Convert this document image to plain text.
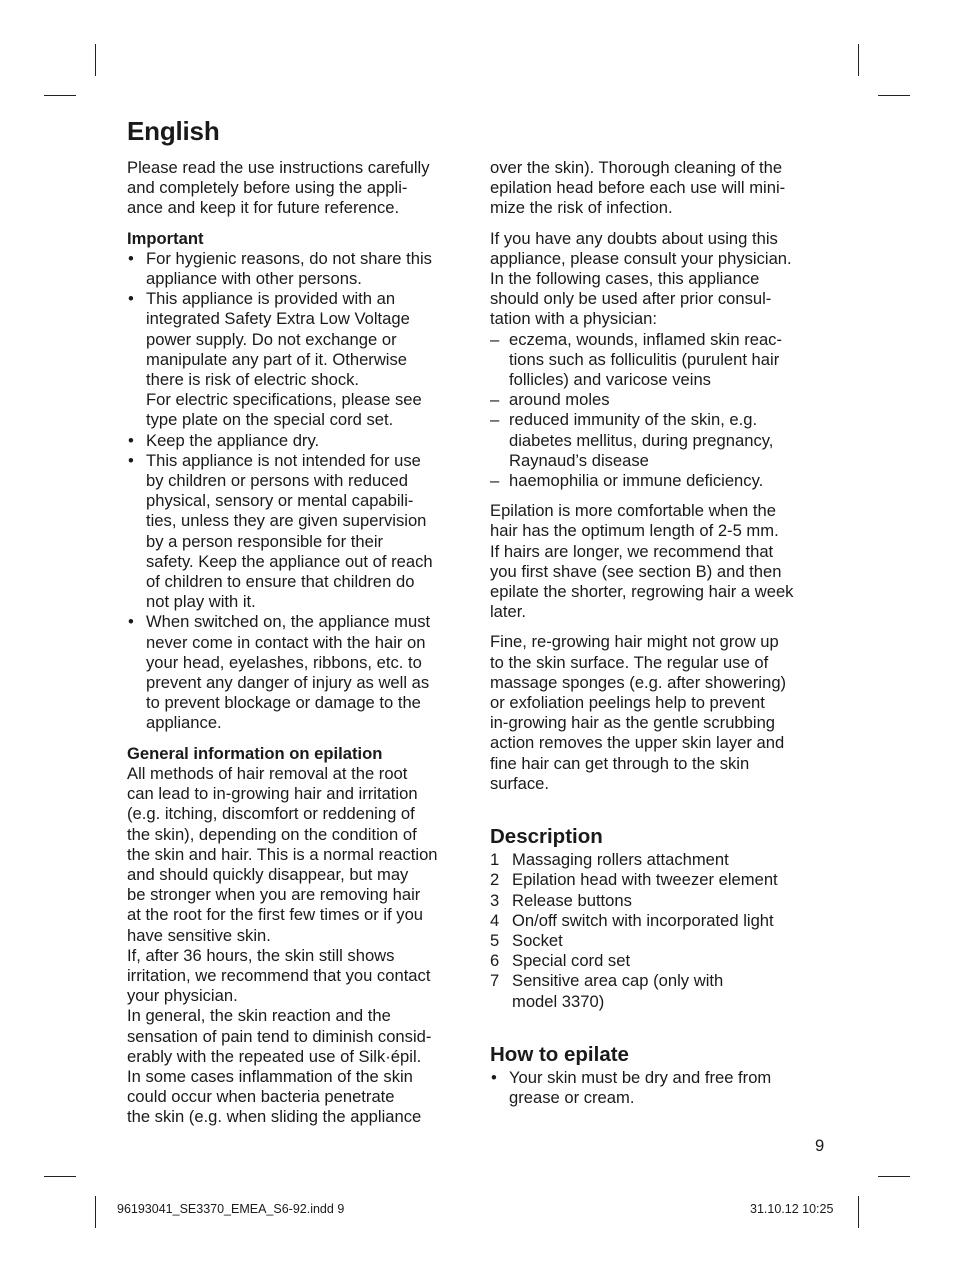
English

Please read the use instructions carefully
and completely before using the appli-
ance and keep it for future reference.

Important

• For hygienic reasons, do not share this
appliance with other persons.
• This appliance is provided with an
integrated Safety Extra Low Voltage
power supply. Do not exchange or
manipulate any part of it. Otherwise
there is risk of electric shock.
For electric specifications, please see
type plate on the special cord set.
• Keep the appliance dry.
• This appliance is not intended for use
by children or persons with reduced
physical, sensory or mental capabili-
ties, unless they are given supervision
by a person responsible for their
safety. Keep the appliance out of reach
of children to ensure that children do
not play with it.
• When switched on, the appliance must
never come in contact with the hair on
your head, eyelashes, ribbons, etc. to
prevent any danger of injury as well as
to prevent blockage or damage to the
appliance.

General information on epilation

All methods of hair removal at the root
can lead to in-growing hair and irritation
(e.g. itching, discomfort or reddening of
the skin), depending on the condition of
the skin and hair. This is a normal reaction
and should quickly disappear, but may
be stronger when you are removing hair
at the root for the first few times or if you
have sensitive skin.
If, after 36 hours, the skin still shows
irritation, we recommend that you contact
your physician.
In general, the skin reaction and the
sensation of pain tend to diminish consid-
erably with the repeated use of Silk·épil.
In some cases inflammation of the skin
could occur when bacteria penetrate
the skin (e.g. when sliding the appliance

over the skin). Thorough cleaning of the
epilation head before each use will mini-
mize the risk of infection.

If you have any doubts about using this
appliance, please consult your physician.
In the following cases, this appliance
should only be used after prior consul-
tation with a physician:

– eczema, wounds, inflamed skin reac-
tions such as folliculitis (purulent hair
follicles) and varicose veins
– around moles
– reduced immunity of the skin, e.g.
diabetes mellitus, during pregnancy,
Raynaud’s disease
– haemophilia or immune deficiency.

Epilation is more comfortable when the
hair has the optimum length of 2-5 mm.
If hairs are longer, we recommend that
you first shave (see section B) and then
epilate the shorter, regrowing hair a week
later.

Fine, re-growing hair might not grow up
to the skin surface. The regular use of
massage sponges (e.g. after showering)
or exfoliation peelings help to prevent
in-growing hair as the gentle scrubbing
action removes the upper skin layer and
fine hair can get through to the skin
surface.

Description
1 Massaging rollers attachment
2 Epilation head with tweezer element
3 Release buttons
4 On/off switch with incorporated light
5 Socket
6 Special cord set
7 Sensitive area cap (only with
model 3370)
How to epilate
• Your skin must be dry and free from
grease or cream.
9
96193041_SE3370_EMEA_S6-92.indd 9	31.10.12 10:25
